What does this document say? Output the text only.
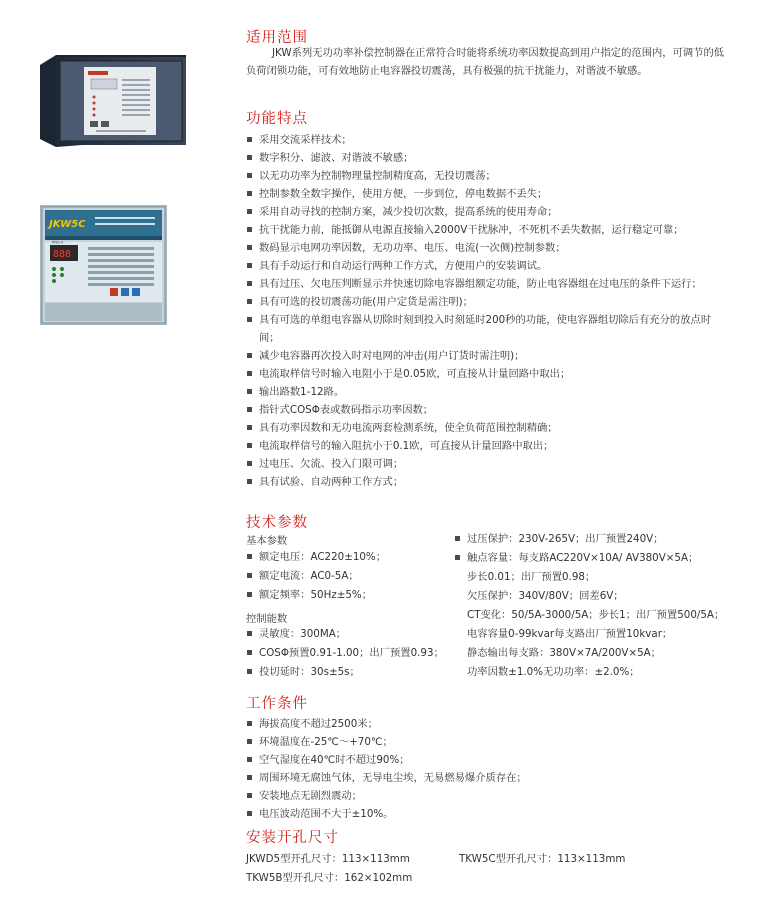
888
RNU-3
JKW5C
适用范围
JKW系列无功功率补偿控制器在正常符合时能将系统功率因数提高到用户指定的范围内，可调节的低负荷闭锁功能，可有效地防止电容器投切震荡，具有极强的抗干扰能力，对谐波不敏感。
功能特点
采用交流采样技术；
数字积分、滤波、对谐波不敏感；
以无功功率为控制物理量控制精度高，无投切震荡；
控制参数全数字操作，使用方便，一步到位，停电数据不丢失；
采用自动寻找的控制方案，减少投切次数，提高系统的使用寿命；
抗干扰能力前，能抵御从电源直接输入2000V干扰脉冲，不死机不丢失数据，运行稳定可靠；
数码显示电网功率因数，无功功率、电压、电流(一次侧)控制参数；
具有手动运行和自动运行两种工作方式，方便用户的安装调试。
具有过压、欠电压判断显示并快速切除电容器组额定功能，防止电容器组在过电压的条件下运行；
具有可选的投切震荡功能(用户定货是需注明)；
具有可选的单组电容器从切除时刻到投入时刻延时200秒的功能，使电容器组切除后有充分的放点时间；
减少电容器再次投入时对电网的冲击(用户订货时需注明)；
电流取样信号时输入电阻小于是0.05欧，可直接从计量回路中取出；
输出路数1-12路。
指针式COSΦ表或数码指示功率因数；
具有功率因数和无功电流两套检测系统，使全负荷范围控制精确；
电流取样信号的输入阻抗小于0.1欧，可直接从计量回路中取出；
过电压、欠流、投入门限可调；
具有试验、自动两种工作方式；
技术参数
基本参数
额定电压：AC220±10%；
额定电流：AC0-5A；
额定频率：50Hz±5%；
控制能数
灵敏度：300MA；
COSΦ预置0.91-1.00；出厂预置0.93；
投切延时：30s±5s；
过压保护：230V-265V；出厂预置240V；
触点容量：每支路AC220V×10A/ AV380V×5A；
步长0.01；出厂预置0.98；
欠压保护：340V/80V；回差6V；
CT变化：50/5A-3000/5A；步长1；出厂预置500/5A；
电容容量0-99kvar每支路出厂预置10kvar；
静态输出每支路：380V×7A/200V×5A；
功率因数±1.0%无功功率：±2.0%；
工作条件
海拔高度不超过2500米；
环境温度在-25℃～+70℃；
空气湿度在40℃时不超过90%；
周围环境无腐蚀气体，无导电尘埃，无易燃易爆介质存在；
安装地点无剧烈震动；
电压波动范围不大于±10%。
安装开孔尺寸
JKWD5型开孔尺寸：113×113mm	TKW5C型开孔尺寸：113×113mm
TKW5B型开孔尺寸：162×102mm
